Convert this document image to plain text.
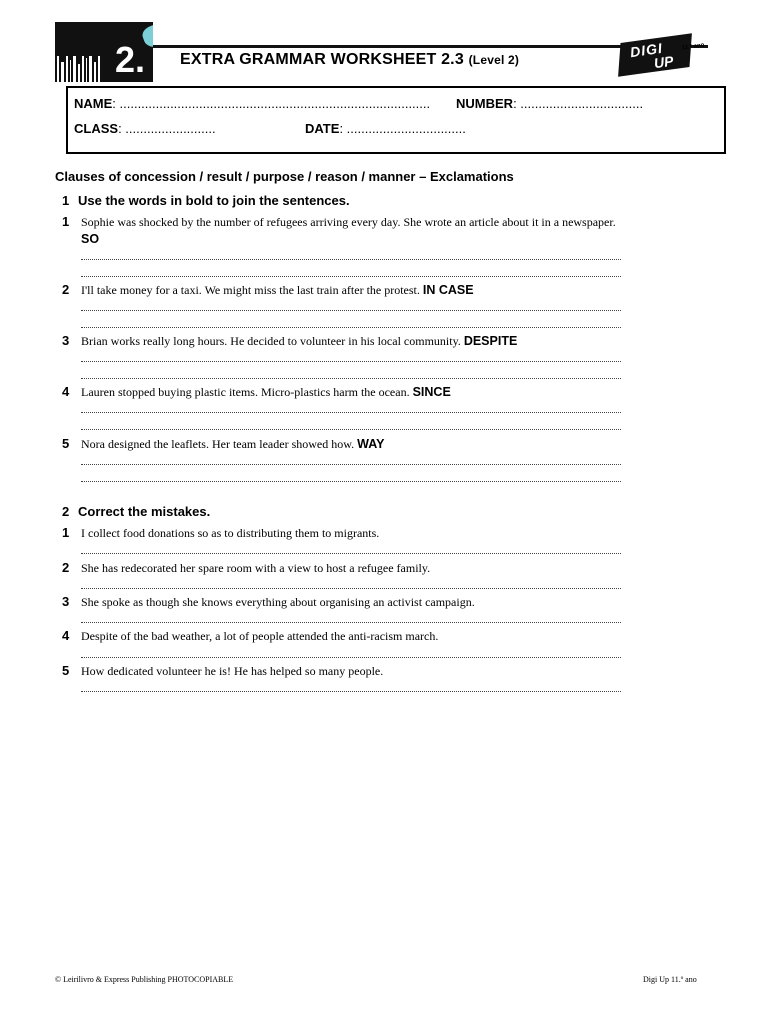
2. EXTRA GRAMMAR WORKSHEET 2.3 (Level 2)	DIGI
UP
11.º ano
NAME: ...................................................................................... NUMBER: ..................................
CLASS: .........................	DATE: .................................
Clauses of concession / result / purpose / reason / manner – Exclamations
1 Use the words in bold to join the sentences.
1 Sophie was shocked by the number of refugees arriving every day. She wrote an article about it in a newspaper. SO
2 I'll take money for a taxi. We might miss the last train after the protest. IN CASE
3 Brian works really long hours. He decided to volunteer in his local community. DESPITE
4 Lauren stopped buying plastic items. Micro-plastics harm the ocean. SINCE
5 Nora designed the leaflets. Her team leader showed how. WAY
2 Correct the mistakes.
1 I collect food donations so as to distributing them to migrants.
2 She has redecorated her spare room with a view to host a refugee family.
3 She spoke as though she knows everything about organising an activist campaign.
4 Despite of the bad weather, a lot of people attended the anti-racism march.
5 How dedicated volunteer he is! He has helped so many people.
© Leirilivro & Express Publishing PHOTOCOPIABLE	Digi Up 11.º ano
